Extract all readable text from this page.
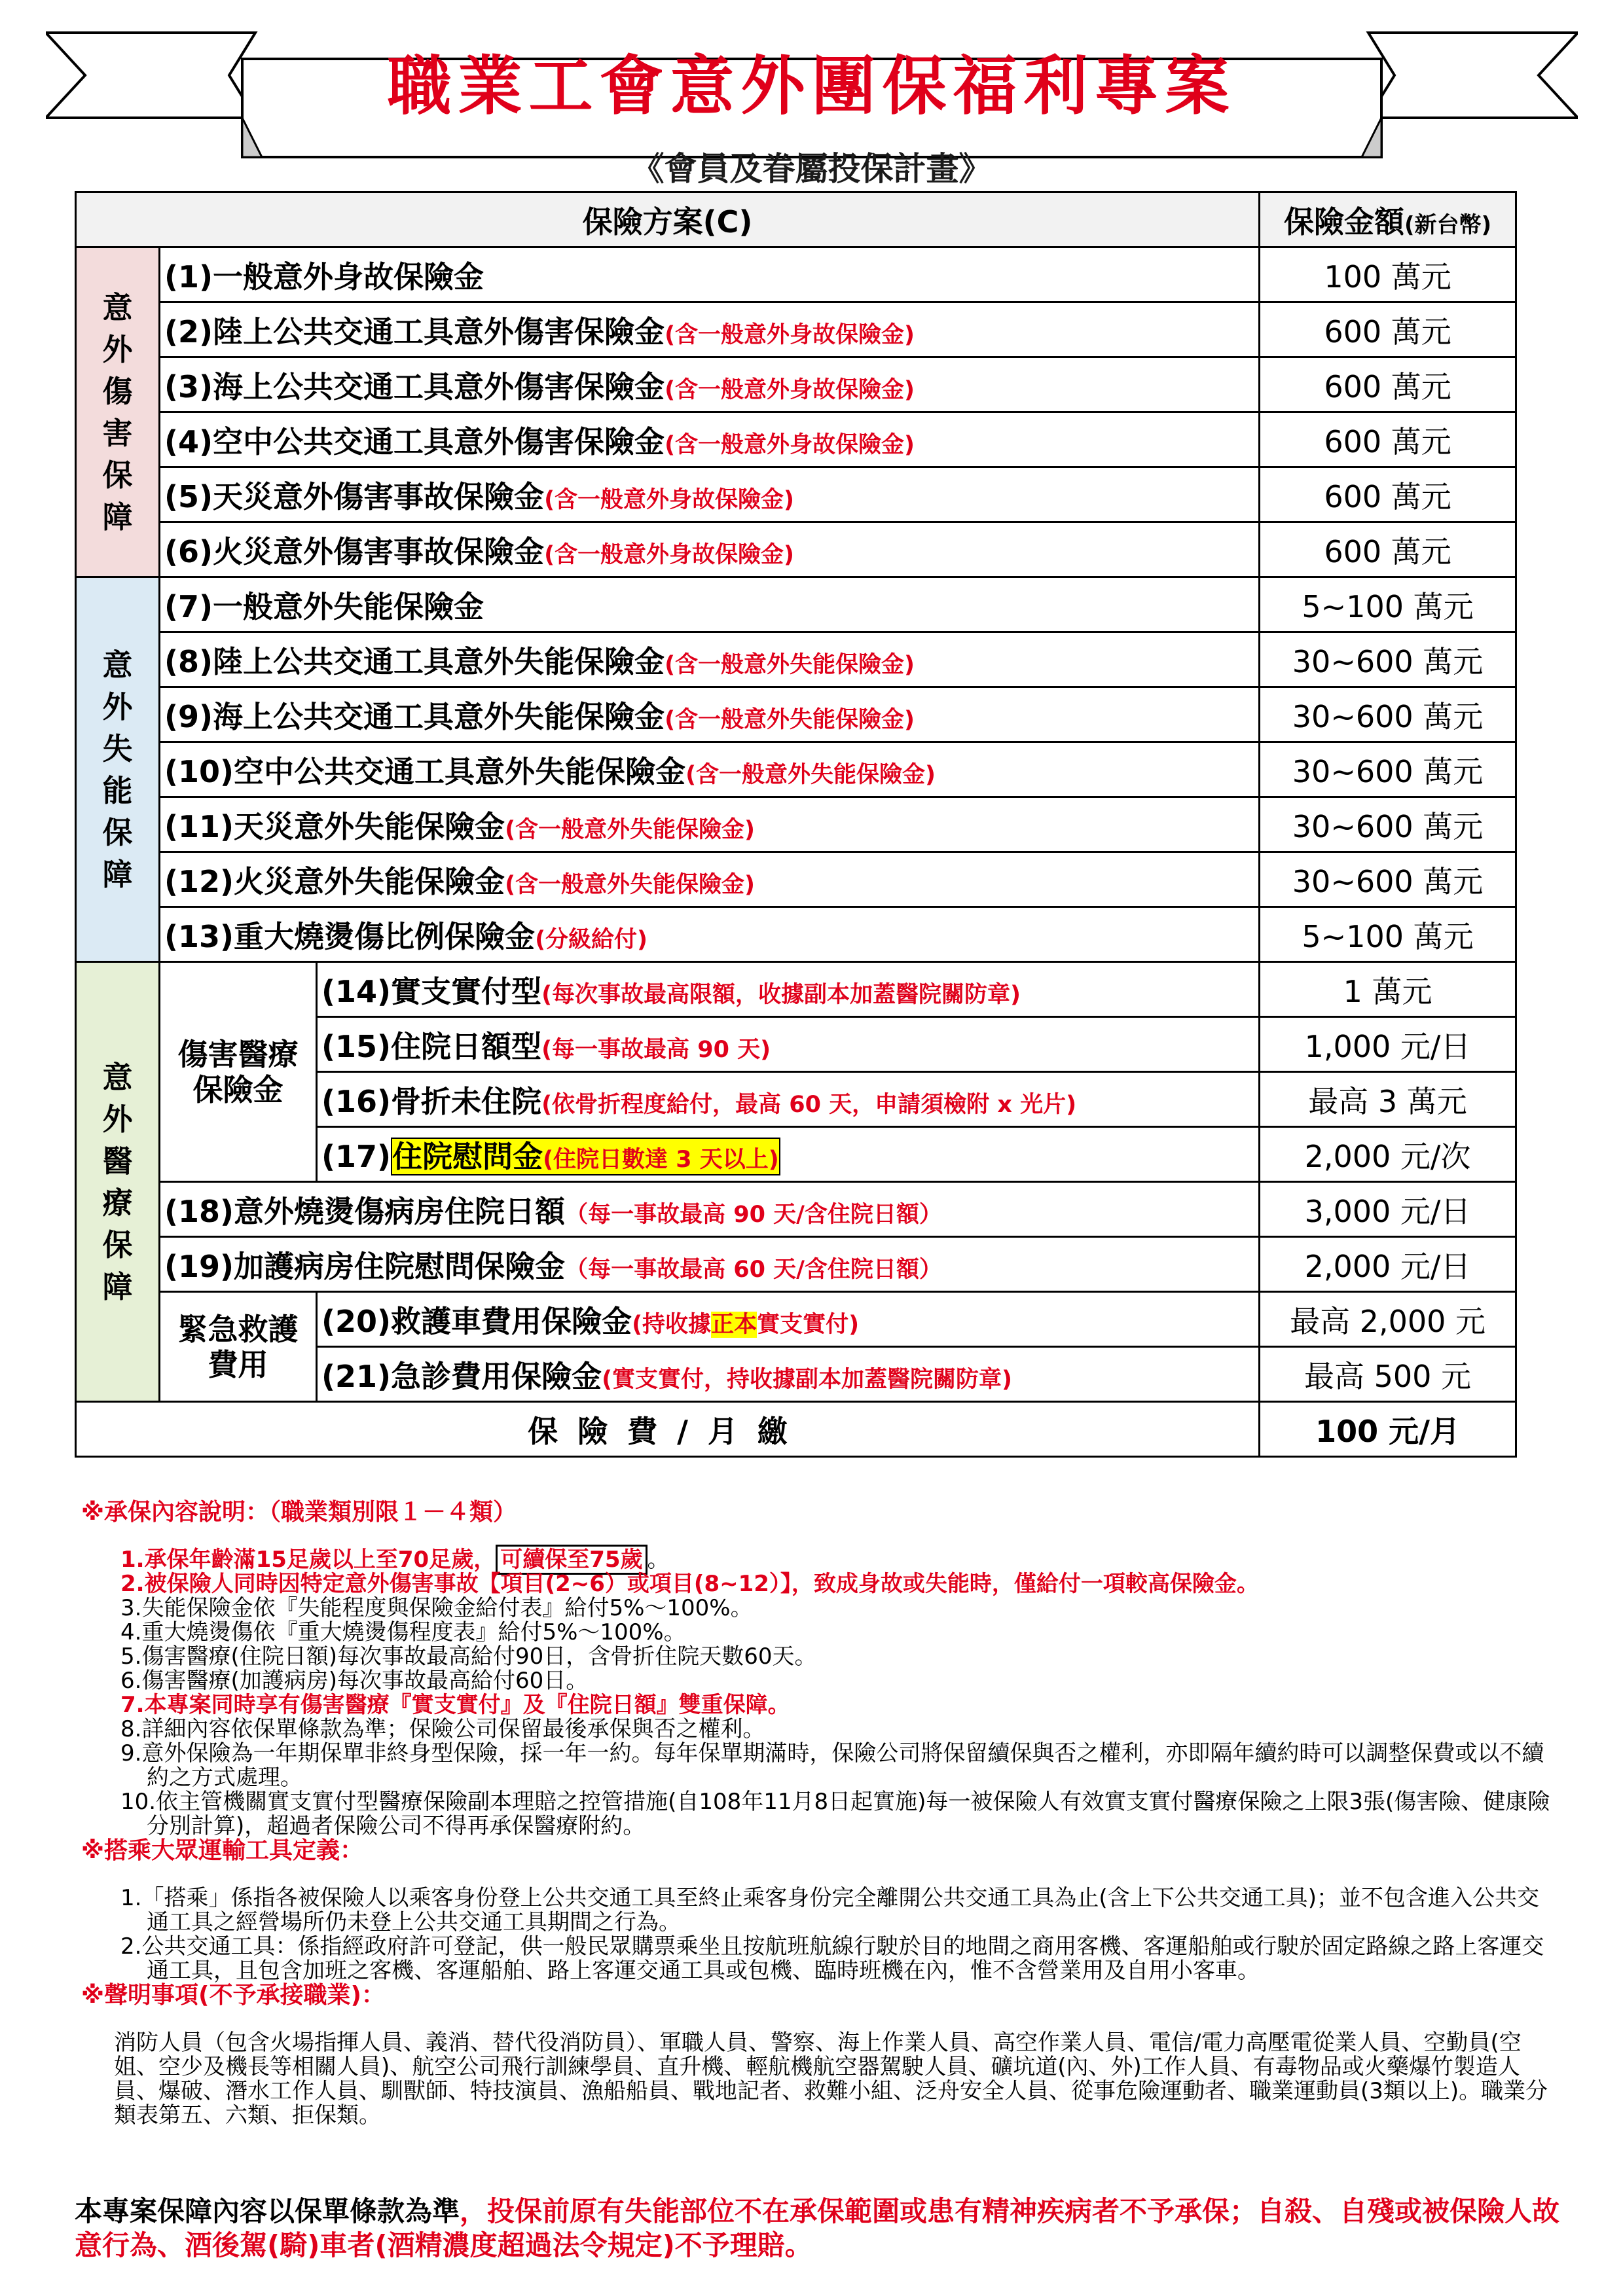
職業工會意外團保福利專案
《會員及眷屬投保計畫》
保險方案(C)			保險金額(新台幣)
意外傷害保障	(1)一般意外身故保險金		100 萬元
	(2)陸上公共交通工具意外傷害保險金(含一般意外身故保險金)		600 萬元
	(3)海上公共交通工具意外傷害保險金(含一般意外身故保險金)		600 萬元
	(4)空中公共交通工具意外傷害保險金(含一般意外身故保險金)		600 萬元
	(5)天災意外傷害事故保險金(含一般意外身故保險金)		600 萬元
	(6)火災意外傷害事故保險金(含一般意外身故保險金)		600 萬元
意外失能保障	(7)一般意外失能保險金		5~100 萬元
	(8)陸上公共交通工具意外失能保險金(含一般意外失能保險金)		30~600 萬元
	(9)海上公共交通工具意外失能保險金(含一般意外失能保險金)		30~600 萬元
	(10)空中公共交通工具意外失能保險金(含一般意外失能保險金)		30~600 萬元
	(11)天災意外失能保險金(含一般意外失能保險金)		30~600 萬元
	(12)火災意外失能保險金(含一般意外失能保險金)		30~600 萬元
	(13)重大燒燙傷比例保險金(分級給付)		5~100 萬元
意外醫療保障	傷害醫療保險金	(14)實支實付型(每次事故最高限額，收據副本加蓋醫院關防章)	1 萬元
		(15)住院日額型(每一事故最高 90 天)	1,000 元/日
		(16)骨折未住院(依骨折程度給付，最高 60 天，申請須檢附 x 光片)	最高 3 萬元
		(17)住院慰問金(住院日數達 3 天以上)	2,000 元/次
	(18)意外燒燙傷病房住院日額（每一事故最高 90 天/含住院日額）		3,000 元/日
	(19)加護病房住院慰問保險金（每一事故最高 60 天/含住院日額）		2,000 元/日
	緊急救護費用	(20)救護車費用保險金(持收據正本實支實付)	最高 2,000 元
		(21)急診費用保險金(實支實付，持收據副本加蓋醫院關防章)	最高 500 元
保險費/月繳			100 元/月

※承保內容說明：（職業類別限１－４類）

1.承保年齡滿15足歲以上至70足歲， 可續保至75歲 。

2.被保險人同時因特定意外傷害事故【項目(2~6）或項目(8~12）】，致成身故或失能時，僅給付一項較高保險金。

3.失能保險金依『失能程度與保險金給付表』給付5%～100%。

4.重大燒燙傷依『重大燒燙傷程度表』給付5%～100%。

5.傷害醫療(住院日額)每次事故最高給付90日，含骨折住院天數60天。

6.傷害醫療(加護病房)每次事故最高給付60日。

7.本專案同時享有傷害醫療『實支實付』及『住院日額』雙重保障。

8.詳細內容依保單條款為準；保險公司保留最後承保與否之權利。

9.意外保險為一年期保單非終身型保險，採一年一約。每年保單期滿時，保險公司將保留續保與否之權利，亦即隔年續約時可以調整保費或以不續約之方式處理。

10.依主管機關實支實付型醫療保險副本理賠之控管措施(自108年11月8日起實施)每一被保險人有效實支實付醫療保險之上限3張(傷害險、健康險分別計算)，超過者保險公司不得再承保醫療附約。

※搭乘大眾運輸工具定義：

1.「搭乘」係指各被保險人以乘客身份登上公共交通工具至終止乘客身份完全離開公共交通工具為止(含上下公共交通工具)；並不包含進入公共交通工具之經營場所仍未登上公共交通工具期間之行為。

2.公共交通工具：係指經政府許可登記，供一般民眾購票乘坐且按航班航線行駛於目的地間之商用客機、客運船舶或行駛於固定路線之路上客運交通工具，且包含加班之客機、客運船舶、路上客運交通工具或包機、臨時班機在內，惟不含營業用及自用小客車。

※聲明事項(不予承接職業)：

消防人員（包含火場指揮人員、義消、替代役消防員）、軍職人員、警察、海上作業人員、高空作業人員、電信/電力高壓電從業人員、空勤員(空姐、空少及機長等相關人員)、航空公司飛行訓練學員、直升機、輕航機航空器駕駛人員、礦坑道(內、外)工作人員、有毒物品或火藥爆竹製造人員、爆破、潛水工作人員、馴獸師、特技演員、漁船船員、戰地記者、救難小組、泛舟安全人員、從事危險運動者、職業運動員(3類以上)。職業分類表第五、六類、拒保類。

本專案保障內容以保單條款為準，投保前原有失能部位不在承保範圍或患有精神疾病者不予承保；自殺、自殘或被保險人故意行為、酒後駕(騎)車者(酒精濃度超過法令規定)不予理賠。
